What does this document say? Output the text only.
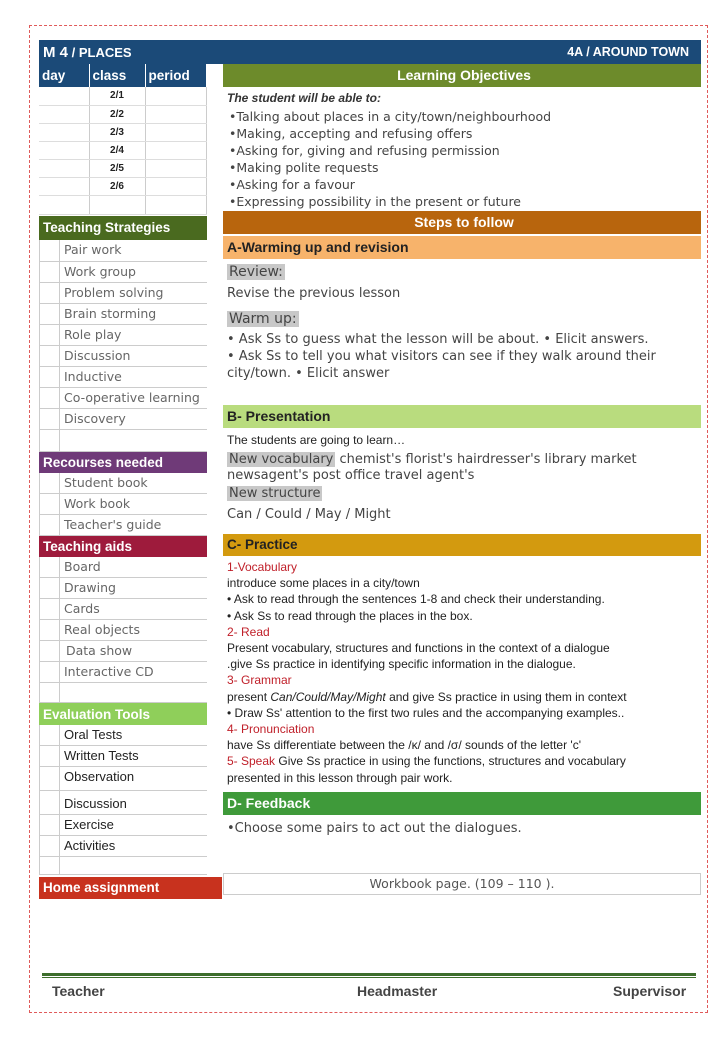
M 4 / PLACES	4A / AROUND TOWN
day	class	period
	2/1	
	2/2	
	2/3	
	2/4	
	2/5	
	2/6	

Teaching Strategies
Pair work
Work group
Problem solving
Brain storming
Role play
Discussion
Inductive
Co-operative learning
Discovery
Recourses needed
Student book
Work book
Teacher's guide
Teaching aids
Board
Drawing
Cards
Real objects
Data show
Interactive CD
Evaluation Tools
Oral Tests
Written Tests
Observation
Discussion
Exercise
Activities
Home assignment
Learning Objectives
The student will be able to:
•Talking about places in a city/town/neighbourhood
•Making, accepting and refusing offers
•Asking for, giving and refusing permission
•Making polite requests
•Asking for a favour
•Expressing possibility in the present or future
Steps to follow
A-Warming up and revision
Review:
Revise the previous lesson
Warm up:
• Ask Ss to guess what the lesson will be about. • Elicit answers.
• Ask Ss to tell you what visitors can see if they walk around their
city/town. • Elicit answer
B- Presentation
The students are going to learn…
New vocabulary chemist's florist's hairdresser's library market
newsagent's post office travel agent's
New structure
Can / Could / May / Might
C- Practice
1-Vocabulary
introduce some places in a city/town
• Ask to read through the sentences 1-8 and check their understanding.
• Ask Ss to read through the places in the box.
2- Read
Present vocabulary, structures and functions in the context of a dialogue
.give Ss practice in identifying specific information in the dialogue.
3- Grammar
present Can/Could/May/Might and give Ss practice in using them in context
• Draw Ss' attention to the first two rules and the accompanying examples..
4- Pronunciation
have Ss differentiate between the /ĸ/ and /σ/ sounds of the letter 'c'
5- Speak Give Ss practice in using the functions, structures and vocabulary
presented in this lesson through pair work.
D- Feedback
•Choose some pairs to act out the dialogues.
Workbook page. (109 – 110 ).
Teacher	Headmaster	Supervisor
